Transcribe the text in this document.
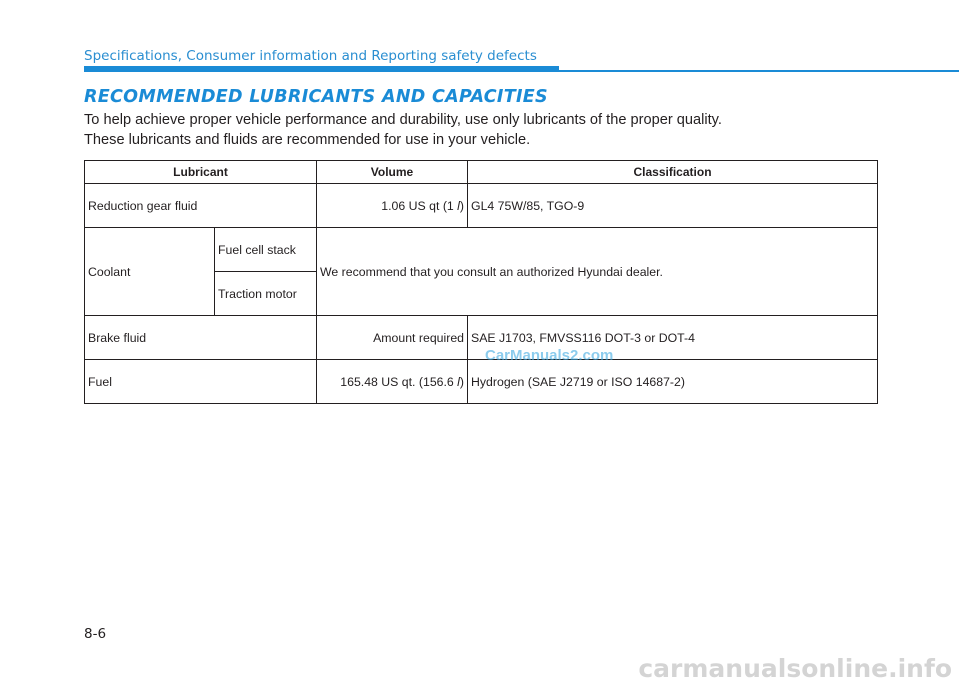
Specifications, Consumer information and Reporting safety defects
RECOMMENDED LUBRICANTS AND CAPACITIES
To help achieve proper vehicle performance and durability, use only lubricants of the proper quality.
These lubricants and fluids are recommended for use in your vehicle.
Lubricant		Volume	Classification
Reduction gear fluid		1.06 US qt (1 l)	GL4 75W/85, TGO-9
Coolant	Fuel cell stack	We recommend that you consult an authorized Hyundai dealer.	
	Traction motor		
Brake fluid		Amount required	SAE J1703, FMVSS116 DOT-3 or DOT-4
Fuel		165.48 US qt. (156.6 l)	Hydrogen (SAE J2719 or ISO 14687-2)
CarManuals2.com
8-6
carmanualsonline.info
